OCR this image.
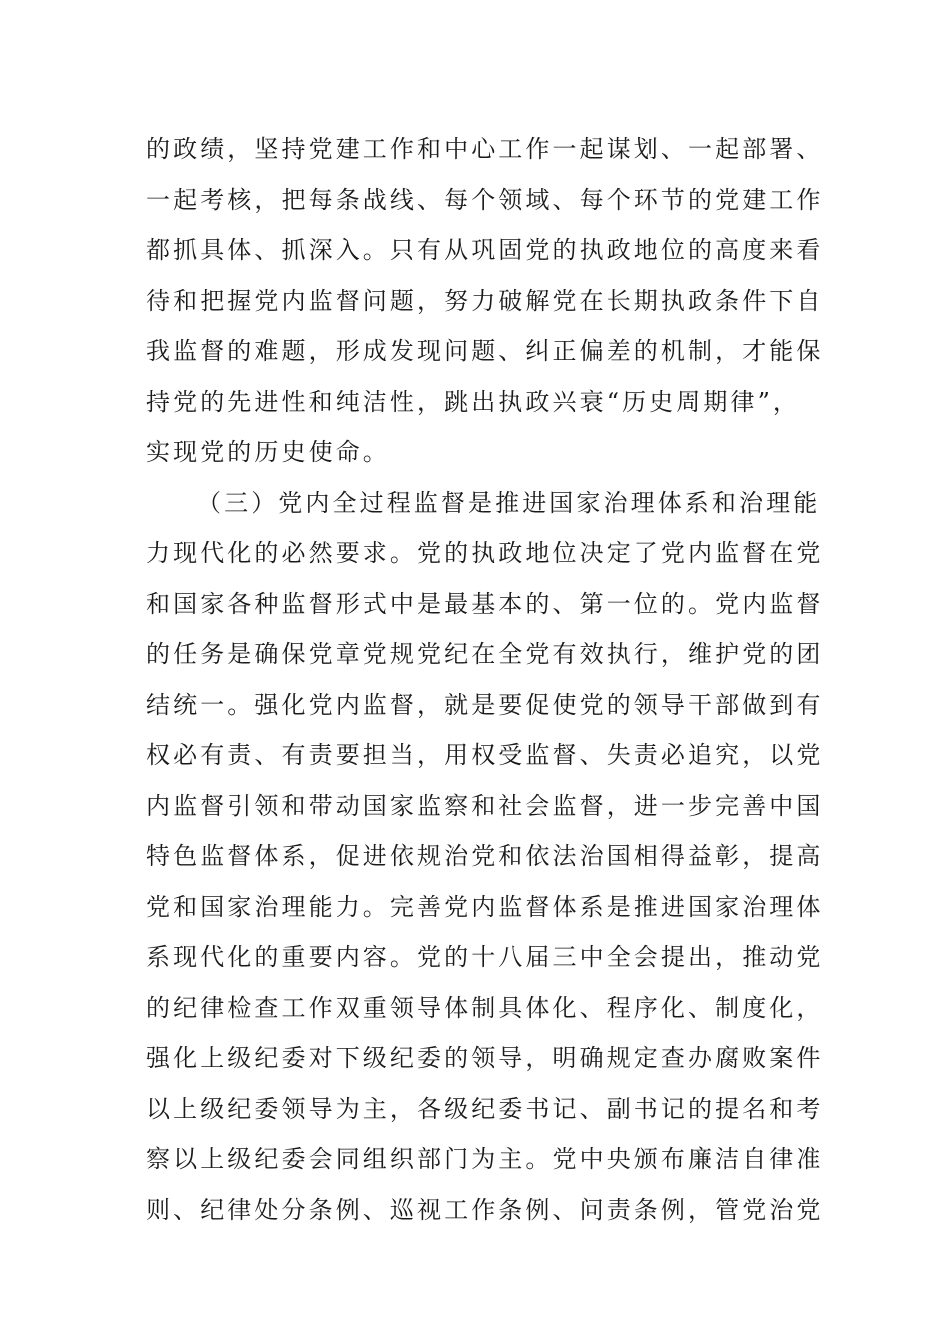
的政绩，坚持党建工作和中心工作一起谋划、一起部署、
一起考核，把每条战线、每个领域、每个环节的党建工作
都抓具体、抓深入。只有从巩固党的执政地位的高度来看
待和把握党内监督问题，努力破解党在长期执政条件下自
我监督的难题，形成发现问题、纠正偏差的机制，才能保
持党的先进性和纯洁性，跳出执政兴衰“历史周期律”，
实现党的历史使命。
（三）党内全过程监督是推进国家治理体系和治理能
力现代化的必然要求。党的执政地位决定了党内监督在党
和国家各种监督形式中是最基本的、第一位的。党内监督
的任务是确保党章党规党纪在全党有效执行，维护党的团
结统一。强化党内监督，就是要促使党的领导干部做到有
权必有责、有责要担当，用权受监督、失责必追究，以党
内监督引领和带动国家监察和社会监督，进一步完善中国
特色监督体系，促进依规治党和依法治国相得益彰，提高
党和国家治理能力。完善党内监督体系是推进国家治理体
系现代化的重要内容。党的十八届三中全会提出，推动党
的纪律检查工作双重领导体制具体化、程序化、制度化，
强化上级纪委对下级纪委的领导，明确规定查办腐败案件
以上级纪委领导为主，各级纪委书记、副书记的提名和考
察以上级纪委会同组织部门为主。党中央颁布廉洁自律准
则、纪律处分条例、巡视工作条例、问责条例，管党治党
